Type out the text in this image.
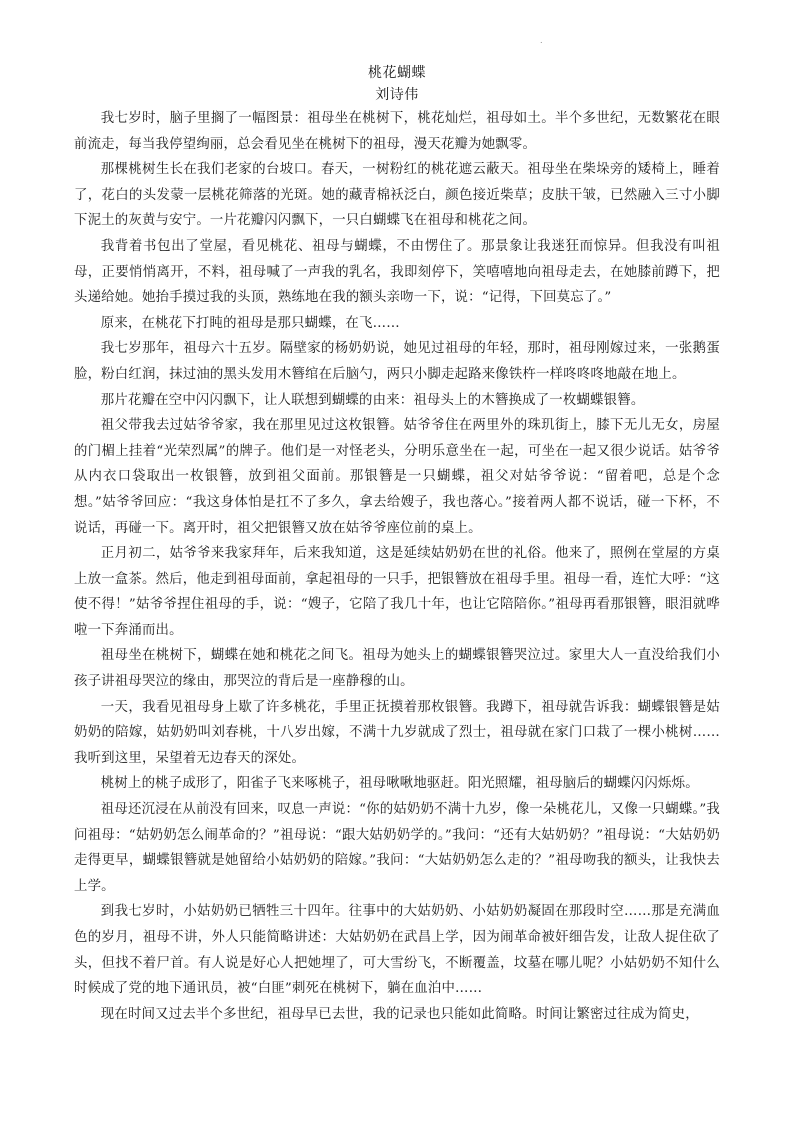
.
桃花蝴蝶
刘诗伟

我七岁时，脑子里搁了一幅图景：祖母坐在桃树下，桃花灿烂，祖母如土。半个多世纪，无数繁花在眼前流走，每当我停望绚丽，总会看见坐在桃树下的祖母，漫天花瓣为她飘零。

那棵桃树生长在我们老家的台坡口。春天，一树粉红的桃花遮云蔽天。祖母坐在柴垛旁的矮椅上，睡着了，花白的头发蒙一层桃花筛落的光斑。她的藏青棉袄泛白，颜色接近柴草；皮肤干皱，已然融入三寸小脚下泥土的灰黄与安宁。一片花瓣闪闪飘下，一只白蝴蝶飞在祖母和桃花之间。

我背着书包出了堂屋，看见桃花、祖母与蝴蝶，不由愣住了。那景象让我迷狂而惊异。但我没有叫祖母，正要悄悄离开，不料，祖母喊了一声我的乳名，我即刻停下，笑嘻嘻地向祖母走去，在她膝前蹲下，把头递给她。她抬手摸过我的头顶，熟练地在我的额头亲吻一下，说：“记得，下回莫忘了。”

原来，在桃花下打盹的祖母是那只蝴蝶，在飞……

我七岁那年，祖母六十五岁。隔壁家的杨奶奶说，她见过祖母的年轻，那时，祖母刚嫁过来，一张鹅蛋脸，粉白红润，抹过油的黑头发用木簪绾在后脑勺，两只小脚走起路来像铁杵一样咚咚咚地敲在地上。

那片花瓣在空中闪闪飘下，让人联想到蝴蝶的由来：祖母头上的木簪换成了一枚蝴蝶银簪。

祖父带我去过姑爷爷家，我在那里见过这枚银簪。姑爷爷住在两里外的珠玑街上，膝下无儿无女，房屋的门楣上挂着“光荣烈属”的牌子。他们是一对怪老头，分明乐意坐在一起，可坐在一起又很少说话。姑爷爷从内衣口袋取出一枚银簪，放到祖父面前。那银簪是一只蝴蝶，祖父对姑爷爷说：“留着吧，总是个念想。”姑爷爷回应：“我这身体怕是扛不了多久，拿去给嫂子，我也落心。”接着两人都不说话，碰一下杯，不说话，再碰一下。离开时，祖父把银簪又放在姑爷爷座位前的桌上。

正月初二，姑爷爷来我家拜年，后来我知道，这是延续姑奶奶在世的礼俗。他来了，照例在堂屋的方桌上放一盒茶。然后，他走到祖母面前，拿起祖母的一只手，把银簪放在祖母手里。祖母一看，连忙大呼：“这使不得！”姑爷爷捏住祖母的手，说：“嫂子，它陪了我几十年，也让它陪陪你。”祖母再看那银簪，眼泪就哗啦一下奔涌而出。

祖母坐在桃树下，蝴蝶在她和桃花之间飞。祖母为她头上的蝴蝶银簪哭泣过。家里大人一直没给我们小孩子讲祖母哭泣的缘由，那哭泣的背后是一座静穆的山。

一天，我看见祖母身上歇了许多桃花，手里正抚摸着那枚银簪。我蹲下，祖母就告诉我：蝴蝶银簪是姑奶奶的陪嫁，姑奶奶叫刘春桃，十八岁出嫁，不满十九岁就成了烈士，祖母就在家门口栽了一棵小桃树……我听到这里，呆望着无边春天的深处。

桃树上的桃子成形了，阳雀子飞来啄桃子，祖母啾啾地驱赶。阳光照耀，祖母脑后的蝴蝶闪闪烁烁。

祖母还沉浸在从前没有回来，叹息一声说：“你的姑奶奶不满十九岁，像一朵桃花儿，又像一只蝴蝶。”我问祖母：“姑奶奶怎么闹革命的？”祖母说：“跟大姑奶奶学的。”我问：“还有大姑奶奶？”祖母说：“大姑奶奶走得更早，蝴蝶银簪就是她留给小姑奶奶的陪嫁。”我问：“大姑奶奶怎么走的？”祖母吻我的额头，让我快去上学。

到我七岁时，小姑奶奶已牺牲三十四年。往事中的大姑奶奶、小姑奶奶凝固在那段时空……那是充满血色的岁月，祖母不讲，外人只能简略讲述：大姑奶奶在武昌上学，因为闹革命被奸细告发，让敌人捉住砍了头，但找不着尸首。有人说是好心人把她埋了，可大雪纷飞，不断覆盖，坟墓在哪儿呢？小姑奶奶不知什么时候成了党的地下通讯员，被“白匪”刺死在桃树下，躺在血泊中……

现在时间又过去半个多世纪，祖母早已去世，我的记录也只能如此简略。时间让繁密过往成为简史，
